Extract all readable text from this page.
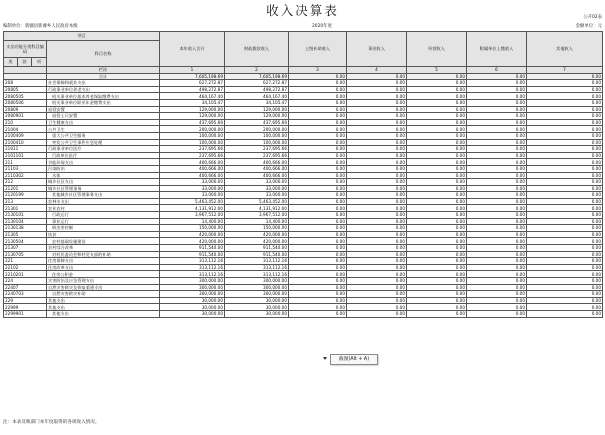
收入决算表	公开02表
编制单位：新疆县新滩乡人民政府本级	2020年度	金额单位：元
项目				本年收入合计	财政拨款收入	上级补助收入	事业收入	经营收入	附属单位上缴收入	其他收入
支出功能分类科目编码			科目名称							
类	款	项								
			栏次	1	2	3	4	5	6	7
			合计	7,605,198.69	7,605,198.69	0.00	0.00	0.00	0.00	0.00
208			社会保障和就业支出	627,272.87	627,272.87	0.00	0.00	0.00	0.00	0.00
20805			行政事业单位养老支出	498,272.87	498,272.87	0.00	0.00	0.00	0.00	0.00
2080505			机关事业单位基本养老保险缴费支出	464,167.40	464,167.40	0.00	0.00	0.00	0.00	0.00
2080506			机关事业单位职业年金缴费支出	34,105.47	34,105.47	0.00	0.00	0.00	0.00	0.00
20809			退役安置	129,000.00	129,000.00	0.00	0.00	0.00	0.00	0.00
2080901			退役士兵安置	129,000.00	129,000.00	0.00	0.00	0.00	0.00	0.00
210			卫生健康支出	437,695.66	437,695.66	0.00	0.00	0.00	0.00	0.00
21004			公共卫生	200,000.00	200,000.00	0.00	0.00	0.00	0.00	0.00
2100409			重大公共卫生服务	100,000.00	100,000.00	0.00	0.00	0.00	0.00	0.00
2100410			突发公共卫生事件应急处理	100,000.00	100,000.00	0.00	0.00	0.00	0.00	0.00
21011			行政事业单位医疗	237,695.66	237,695.66	0.00	0.00	0.00	0.00	0.00
2101101			行政单位医疗	237,695.66	237,695.66	0.00	0.00	0.00	0.00	0.00
211			节能环保支出	400,666.00	400,666.00	0.00	0.00	0.00	0.00	0.00
21103			污染防治	400,666.00	400,666.00	0.00	0.00	0.00	0.00	0.00
2110302			水体	400,666.00	400,666.00	0.00	0.00	0.00	0.00	0.00
212			城乡社区支出	33,000.00	33,000.00	0.00	0.00	0.00	0.00	0.00
21201			城乡社区管理事务	33,000.00	33,000.00	0.00	0.00	0.00	0.00	0.00
2120199			其他城乡社区管理事务支出	33,000.00	33,000.00	0.00	0.00	0.00	0.00	0.00
213			农林水支出	5,463,452.00	5,463,452.00	0.00	0.00	0.00	0.00	0.00
21301			农业农村	4,131,912.00	4,131,912.00	0.00	0.00	0.00	0.00	0.00
2130101			行政运行	3,967,512.00	3,967,512.00	0.00	0.00	0.00	0.00	0.00
2130104			事业运行	14,400.00	14,400.00	0.00	0.00	0.00	0.00	0.00
2130138			病虫害控制	150,000.00	150,000.00	0.00	0.00	0.00	0.00	0.00
21305			扶贫	420,000.00	420,000.00	0.00	0.00	0.00	0.00	0.00
2130504			农村基础设施建设	420,000.00	420,000.00	0.00	0.00	0.00	0.00	0.00
21307			农村综合改革	911,540.00	911,540.00	0.00	0.00	0.00	0.00	0.00
2130705			对村民委员会和村党支部的补助	911,540.00	911,540.00	0.00	0.00	0.00	0.00	0.00
221			住房保障支出	313,112.16	313,112.16	0.00	0.00	0.00	0.00	0.00
22102			住房改革支出	313,112.16	313,112.16	0.00	0.00	0.00	0.00	0.00
2210201			住房公积金	313,112.16	313,112.16	0.00	0.00	0.00	0.00	0.00
224			灾害防治及应急管理支出	300,000.00	300,000.00	0.00	0.00	0.00	0.00	0.00
22407			自然灾害救灾及恢复重建支出	300,000.00	300,000.00	0.00	0.00	0.00	0.00	0.00
2240703			自然灾害救灾补助	300,000.00	300,000.00	0.00	0.00	0.00	0.00	0.00
229			其他支出	30,000.00	30,000.00	0.00	0.00	0.00	0.00	0.00
22999			其他支出	30,000.00	30,000.00	0.00	0.00	0.00	0.00	0.00
2299901			其他支出	30,000.00	30,000.00	0.00	0.00	0.00	0.00	0.00
注：本表反映部门本年度取得的各项收入情况。
截图(Alt + A)
